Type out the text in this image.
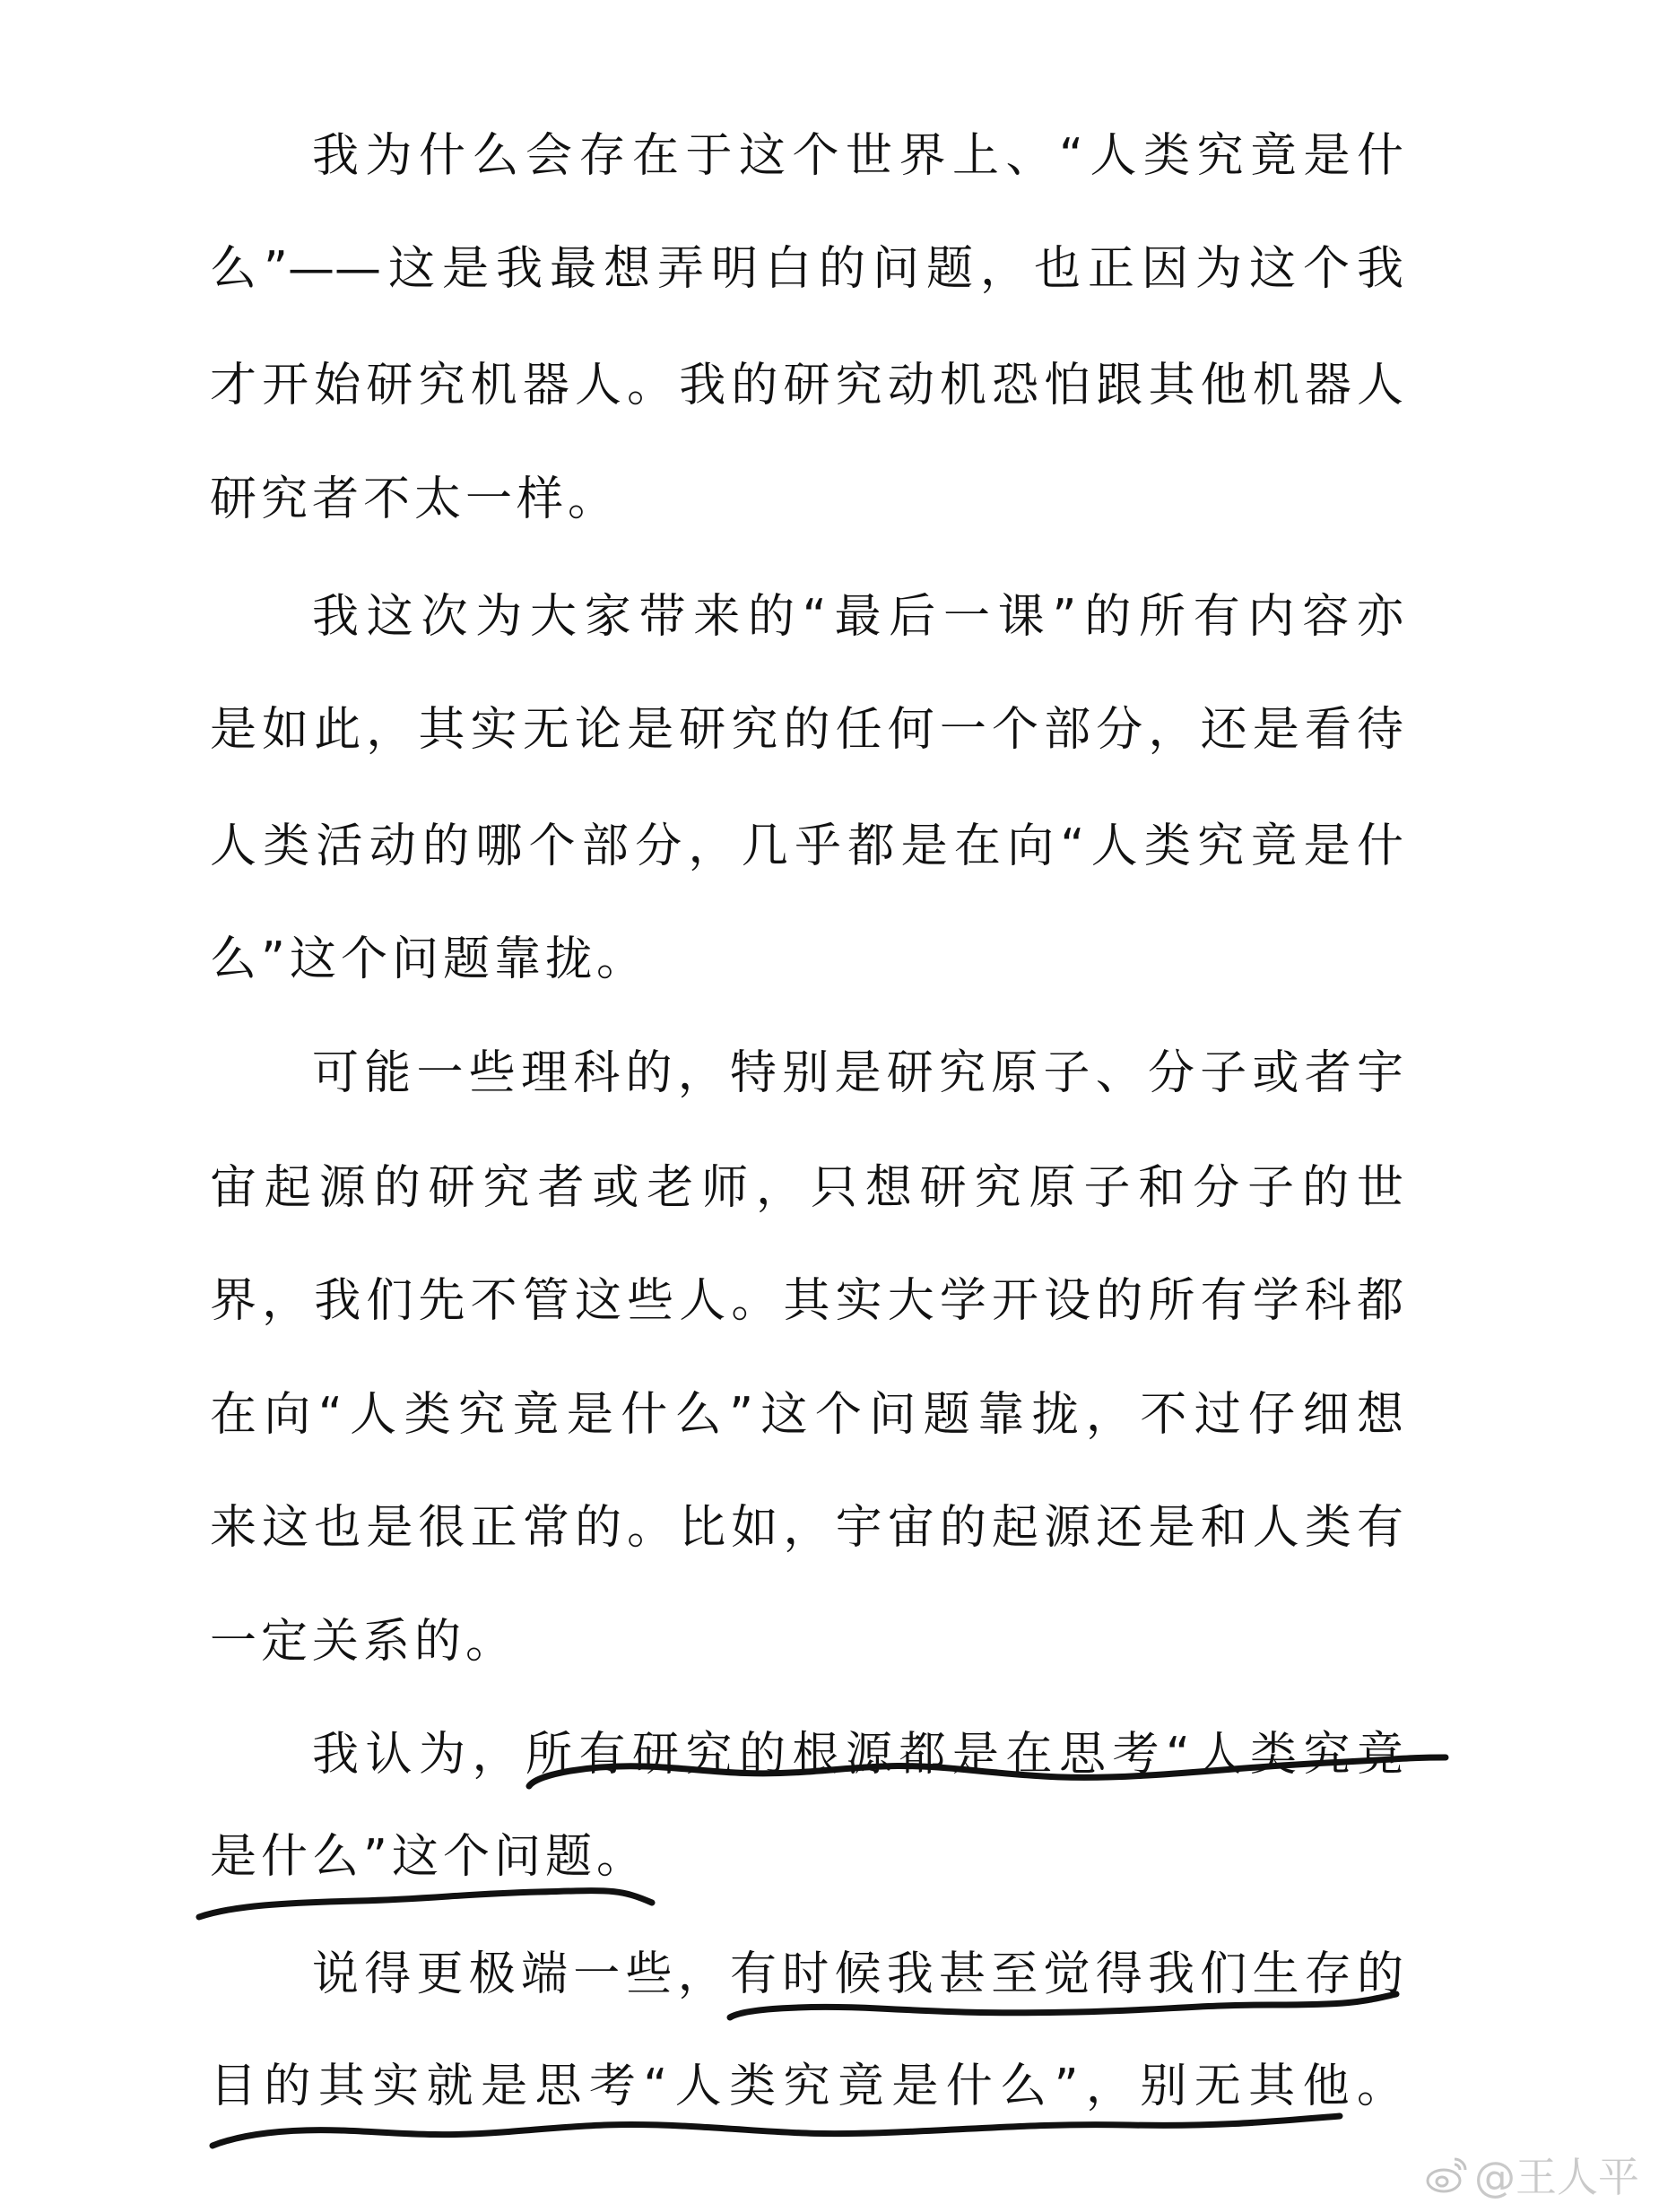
我为什么会存在于这个世界上、“人类究竟是什
么”——这是我最想弄明白的问题，也正因为这个我
才开始研究机器人。我的研究动机恐怕跟其他机器人
研究者不太一样。
我这次为大家带来的“最后一课”的所有内容亦
是如此，其实无论是研究的任何一个部分，还是看待
人类活动的哪个部分，几乎都是在向“人类究竟是什
么”这个问题靠拢。
可能一些理科的，特别是研究原子、分子或者宇
宙起源的研究者或老师，只想研究原子和分子的世
界，我们先不管这些人。其实大学开设的所有学科都
在向“人类究竟是什么”这个问题靠拢，不过仔细想
来这也是很正常的。比如，宇宙的起源还是和人类有
一定关系的。
我认为，所有研究的根源都是在思考“人类究竟
是什么”这个问题。
说得更极端一些，有时候我甚至觉得我们生存的
目的其实就是思考“人类究竟是什么”，别无其他。
@王人平
